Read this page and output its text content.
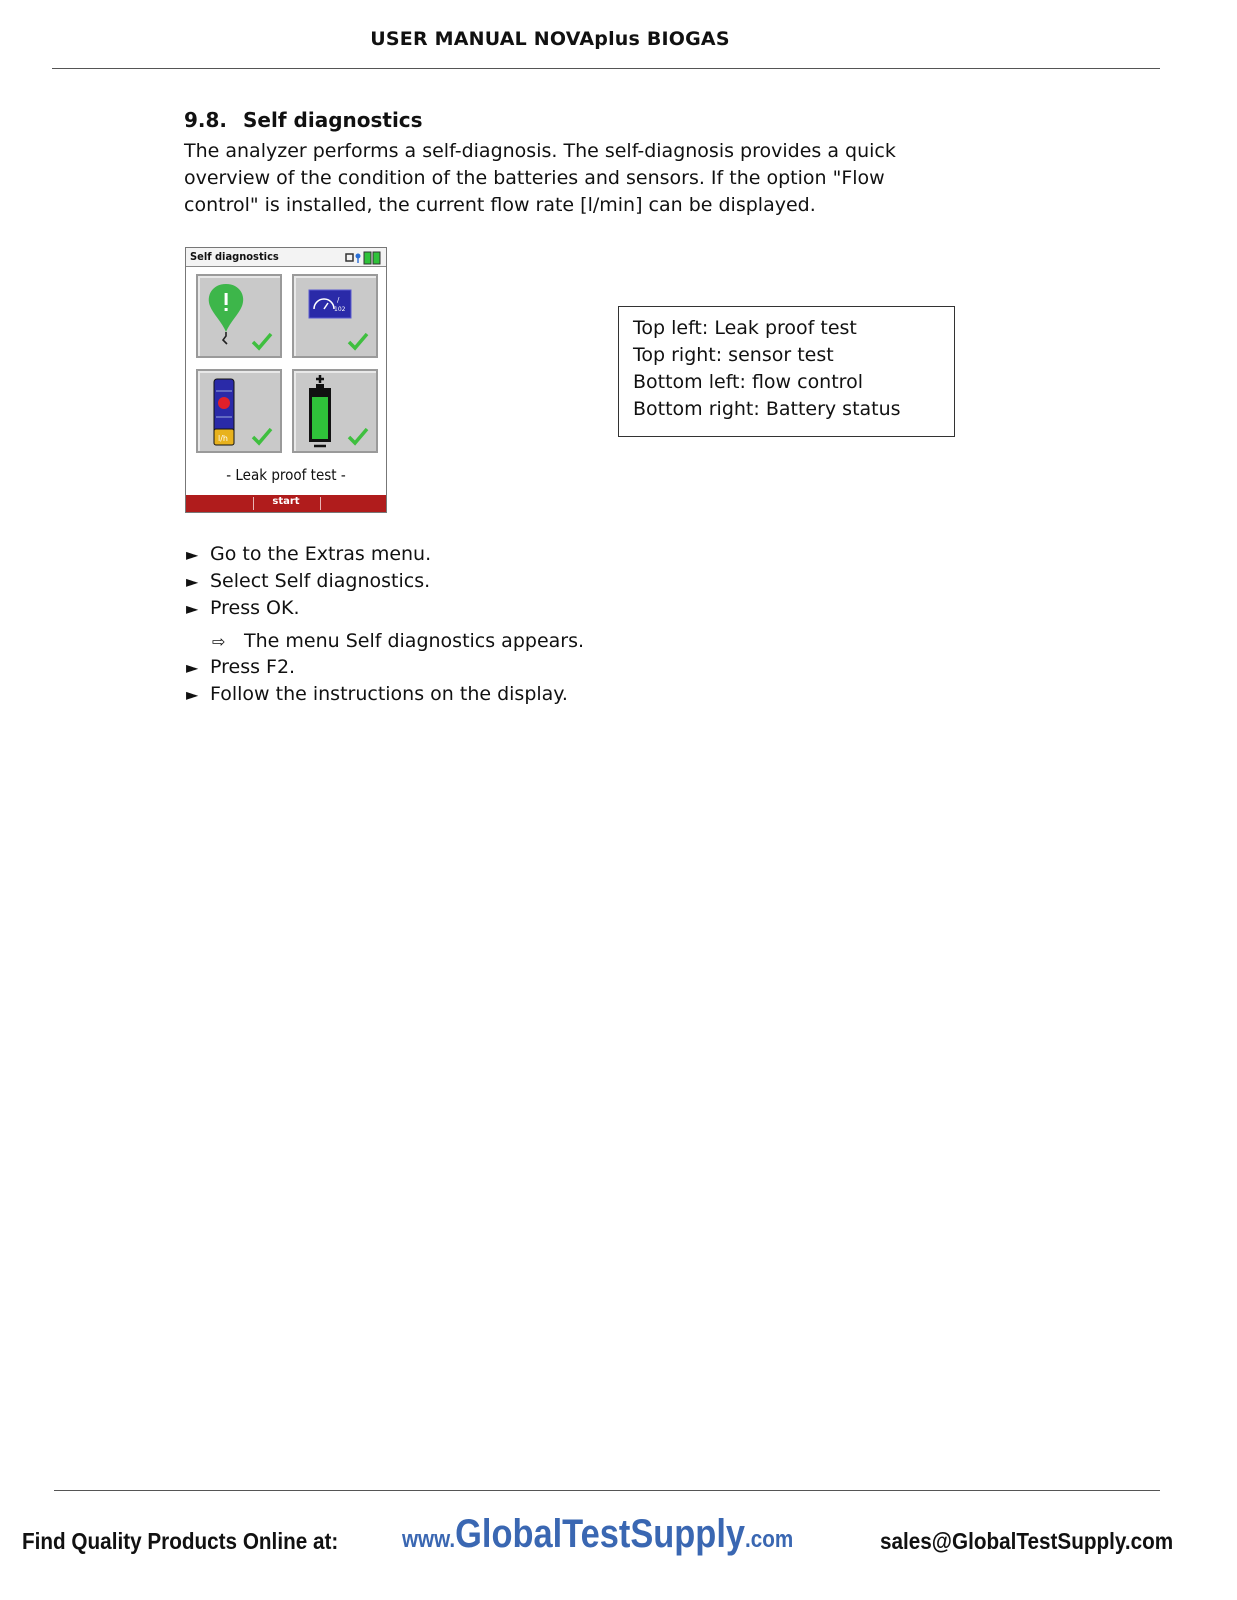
USER MANUAL NOVAplus BIOGAS
9.8. Self diagnostics
The analyzer performs a self-diagnosis. The self-diagnosis provides a quick overview of the condition of the batteries and sensors. If the option "Flow control" is installed, the current flow rate [l/min] can be displayed.
Self diagnostics
/
102
l/h
- Leak proof test -
start
Top left: Leak proof test
Top right: sensor test
Bottom left: flow control
Bottom right: Battery status
► Go to the Extras menu.
► Select Self diagnostics.
► Press OK.
⇨ The menu Self diagnostics appears.
► Press F2.
► Follow the instructions on the display.
Find Quality Products Online at:	www.GlobalTestSupply.com	sales@GlobalTestSupply.com
